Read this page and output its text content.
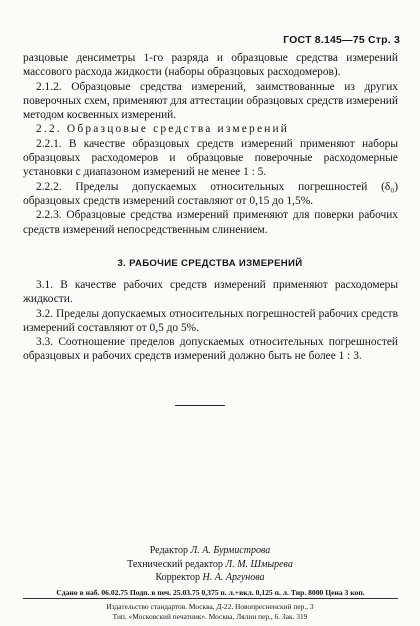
ГОСТ 8.145—75 Стр. 3

разцовые денсиметры 1-го разряда и образцовые средства измерений массового расхода жидкости (наборы образцовых расходомеров).

2.1.2. Образцовые средства измерений, заимствованные из других поверочных схем, применяют для аттестации образцовых средств измерений методом косвенных измерений.

2.2. Образцовые средства измерений

2.2.1. В качестве образцовых средств измерений применяют наборы образцовых расходомеров и образцовые поверочные расходомерные установки с диапазоном измерений не менее 1 : 5.

2.2.2. Пределы допускаемых относительных погрешностей (δ₀) образцовых средств измерений составляют от 0,15 до 1,5%.

2.2.3. Образцовые средства измерений применяют для поверки рабочих средств измерений непосредственным слинением.

3. РАБОЧИЕ СРЕДСТВА ИЗМЕРЕНИЙ

3.1. В качестве рабочих средств измерений применяют расходомеры жидкости.

3.2. Пределы допускаемых относительных погрешностей рабочих средств измерений составляют от 0,5 до 5%.

3.3. Соотношение пределов допускаемых относительных погрешностей образцовых и рабочих средств измерений должно быть не более 1 : 3.

Редактор Л. А. Бурмистрова
Технический редактор Л. М. Шмырева
Корректор Н. А. Аргунова
Сдано в наб. 06.02.75 Подп. в печ. 25.03.75 0,375 п. л.+вкл. 0,125 п. л. Тир. 8000 Цена 3 коп.
Издательство стандартов. Москва, Д-22, Новопресненский пер., 3
Тип. «Московский печатник». Москва, Лялин пер., 6. Зак. 319
